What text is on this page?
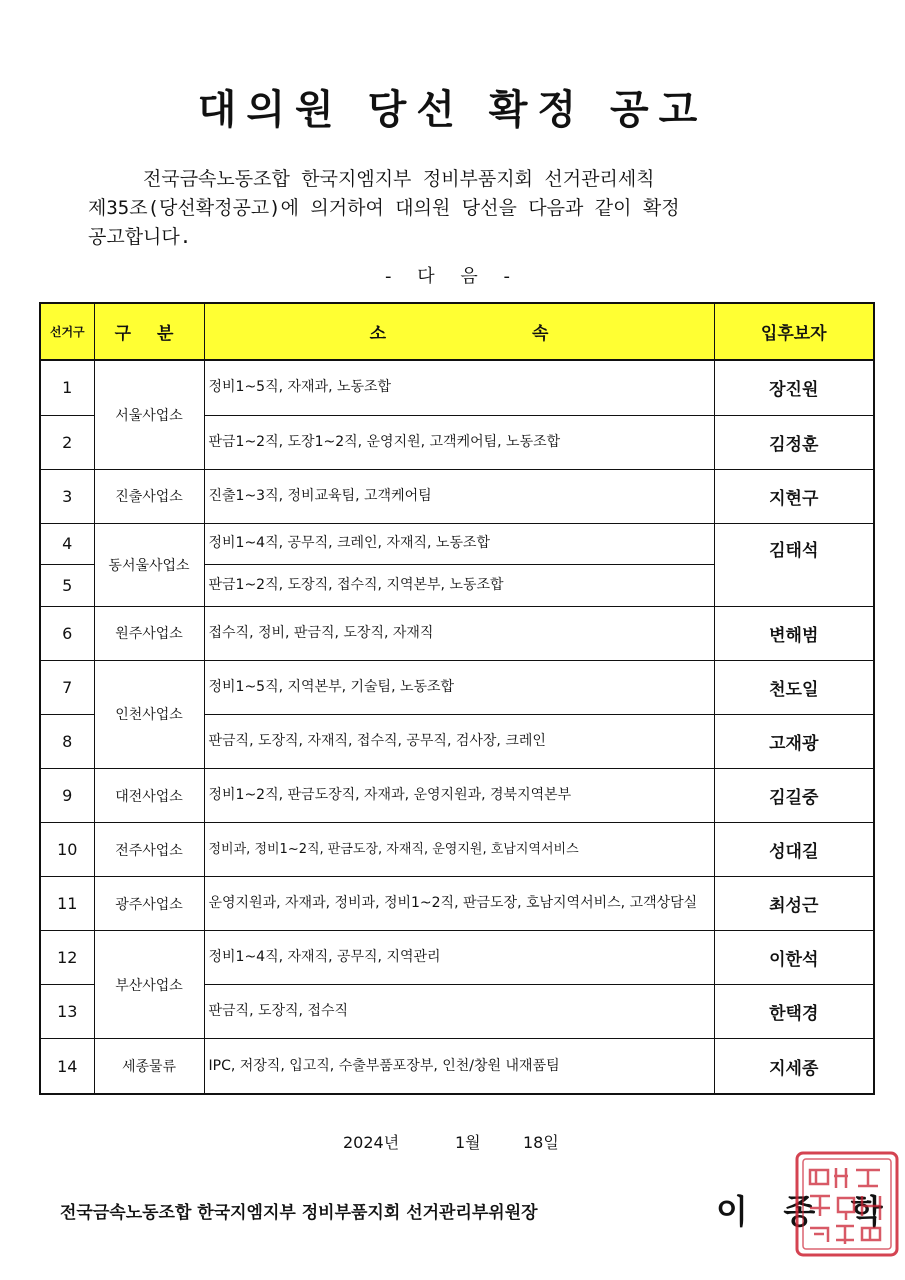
대의원 당선 확정 공고
전국금속노동조합 한국지엠지부 정비부품지회 선거관리세칙
제35조(당선확정공고)에 의거하여 대의원 당선을 다음과 같이 확정
공고합니다.
- 다 음 -
선거구	구 분	소 속	입후보자
1	서울사업소	정비1~5직, 자재과, 노동조합	장진원
2		판금1~2직, 도장1~2직, 운영지원, 고객케어팀, 노동조합	김정훈
3	진출사업소	진출1~3직, 정비교육팀, 고객케어팀	지현구
4	동서울사업소	정비1~4직, 공무직, 크레인, 자재직, 노동조합	김태석
5		판금1~2직, 도장직, 접수직, 지역본부, 노동조합	
6	원주사업소	접수직, 정비, 판금직, 도장직, 자재직	변해범
7	인천사업소	정비1~5직, 지역본부, 기술팀, 노동조합	천도일
8		판금직, 도장직, 자재직, 접수직, 공무직, 검사장, 크레인	고재광
9	대전사업소	정비1~2직, 판금도장직, 자재과, 운영지원과, 경북지역본부	김길중
10	전주사업소	정비과, 정비1~2직, 판금도장, 자재직, 운영지원, 호남지역서비스	성대길
11	광주사업소	운영지원과, 자재과, 정비과, 정비1~2직, 판금도장, 호남지역서비스, 고객상담실	최성근
12	부산사업소	정비1~4직, 자재직, 공무직, 지역관리	이한석
13		판금직, 도장직, 접수직	한택경
14	세종물류	IPC, 저장직, 입고직, 수출부품포장부, 인천/창원 내재품팀	지세종
2024년	1월	18일
전국금속노동조합 한국지엠지부 정비부품지회 선거관리부위원장	이 종 학
